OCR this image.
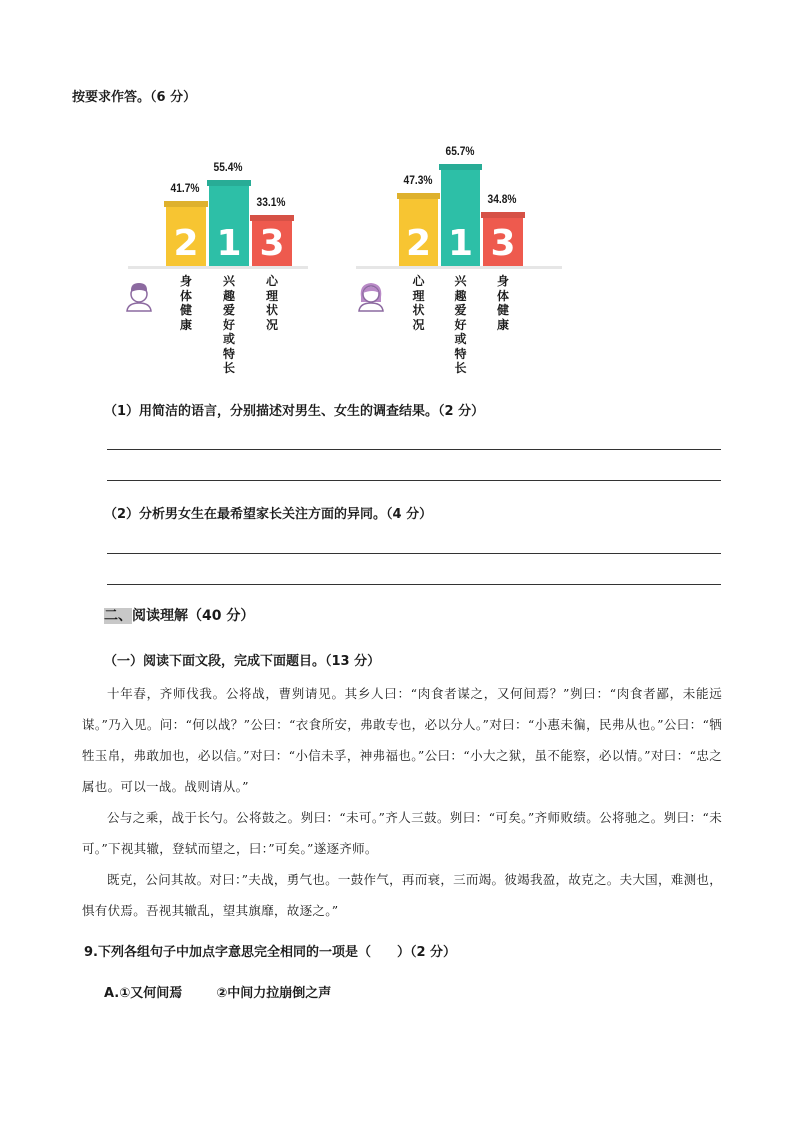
按要求作答。（6 分）
2
41.7%
身体健康
1
55.4%
兴趣爱好或特长
3
33.1%
心理状况
2
47.3%
心理状况
1
65.7%
兴趣爱好或特长
3
34.8%
身体健康
（1）用简洁的语言，分别描述对男生、女生的调查结果。（2 分）
（2）分析男女生在最希望家长关注方面的异同。（4 分）
二、阅读理解（40 分）
（一）阅读下面文段，完成下面题目。（13 分）
十年春，齐师伐我。公将战，曹刿请见。其乡人曰：“肉食者谋之，又何间焉？”刿曰：“肉食者鄙，未能远谋。”乃入见。问：“何以战？”公曰：“衣食所安，弗敢专也，必以分人。”对曰：“小惠未徧，民弗从也。”公曰：“牺牲玉帛，弗敢加也，必以信。”对曰：“小信未孚，神弗福也。”公曰：“小大之狱，虽不能察，必以情。”对曰：“忠之属也。可以一战。战则请从。”
公与之乘，战于长勺。公将鼓之。刿曰：“未可。”齐人三鼓。刿曰：“可矣。”齐师败绩。公将驰之。刿曰：“未可。”下视其辙，登轼而望之，曰：”可矣。”遂逐齐师。
既克，公问其故。对曰：”夫战，勇气也。一鼓作气，再而衰，三而竭。彼竭我盈，故克之。夫大国，难测也，惧有伏焉。吾视其辙乱，望其旗靡，故逐之。”
9.下列各组句子中加点字意思完全相同的一项是（　　）（2 分）
A.①又何间焉	②中间力拉崩倒之声
